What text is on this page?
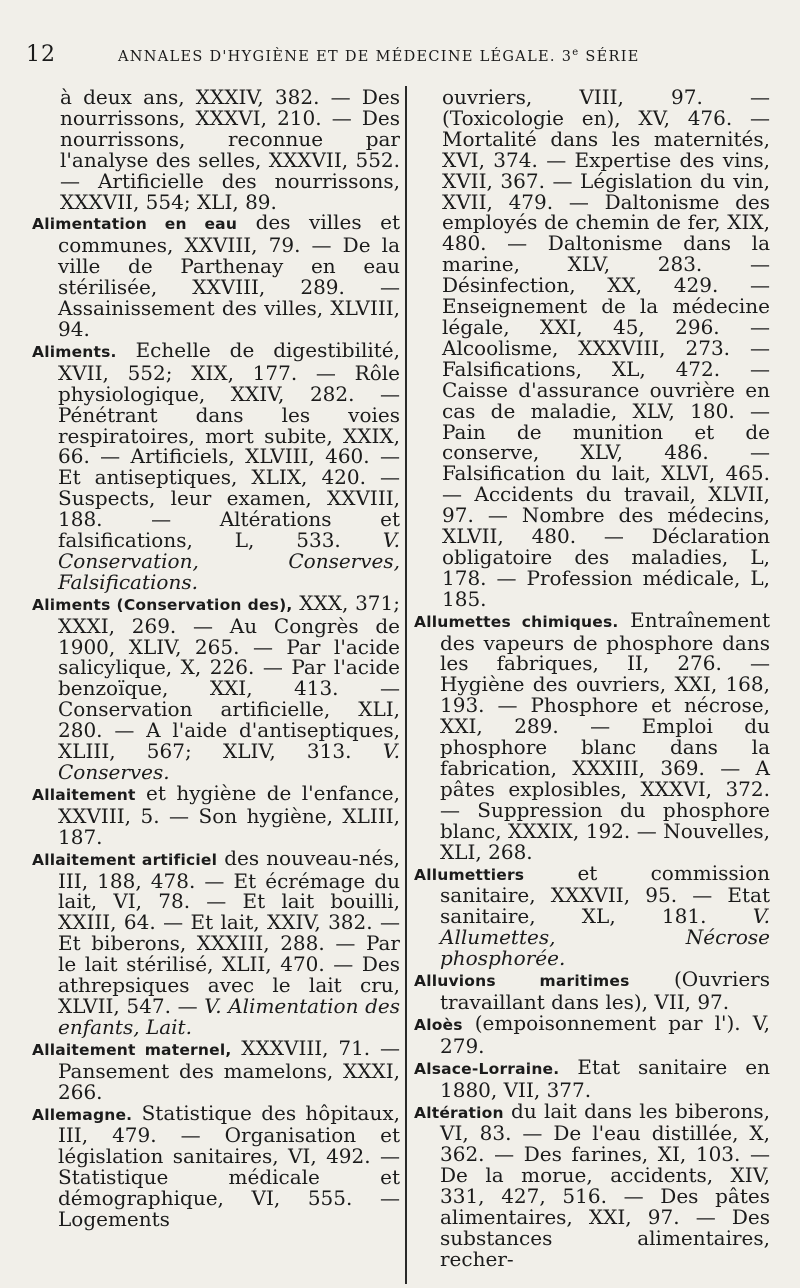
12	ANNALES D'HYGIÈNE ET DE MÉDECINE LÉGALE. 3e SÉRIE
à deux ans, XXXIV, 382. — Des nourrissons, XXXVI, 210. — Des nourrissons, reconnue par l'analyse des selles, XXXVII, 552. — Artificielle des nourrissons, XXXVII, 554; XLI, 89.
Alimentation en eau des villes et communes, XXVIII, 79. — De la ville de Parthenay en eau stérilisée, XXVIII, 289. — Assainissement des villes, XLVIII, 94.
Aliments. Echelle de digestibilité, XVII, 552; XIX, 177. — Rôle physiologique, XXIV, 282. — Pénétrant dans les voies respiratoires, mort subite, XXIX, 66. — Artificiels, XLVIII, 460. — Et antiseptiques, XLIX, 420. — Suspects, leur examen, XXVIII, 188. — Altérations et falsifications, L, 533. V. Conservation, Conserves, Falsifications.
Aliments (Conservation des), XXX, 371; XXXI, 269. — Au Congrès de 1900, XLIV, 265. — Par l'acide salicylique, X, 226. — Par l'acide benzoïque, XXI, 413. — Conservation artificielle, XLI, 280. — A l'aide d'antiseptiques, XLIII, 567; XLIV, 313. V. Conserves.
Allaitement et hygiène de l'enfance, XXVIII, 5. — Son hygiène, XLIII, 187.
Allaitement artificiel des nouveau-nés, III, 188, 478. — Et écrémage du lait, VI, 78. — Et lait bouilli, XXIII, 64. — Et lait, XXIV, 382. — Et biberons, XXXIII, 288. — Par le lait stérilisé, XLII, 470. — Des athrepsiques avec le lait cru, XLVII, 547. — V. Alimentation des enfants, Lait.
Allaitement maternel, XXXVIII, 71. — Pansement des mamelons, XXXI, 266.
Allemagne. Statistique des hôpitaux, III, 479. — Organisation et législation sanitaires, VI, 492. — Statistique médicale et démographique, VI, 555. — Logements
ouvriers, VIII, 97. — (Toxicologie en), XV, 476. — Mortalité dans les maternités, XVI, 374. — Expertise des vins, XVII, 367. — Législation du vin, XVII, 479. — Daltonisme des employés de chemin de fer, XIX, 480. — Daltonisme dans la marine, XLV, 283. — Désinfection, XX, 429. — Enseignement de la médecine légale, XXI, 45, 296. — Alcoolisme, XXXVIII, 273. — Falsifications, XL, 472. — Caisse d'assurance ouvrière en cas de maladie, XLV, 180. — Pain de munition et de conserve, XLV, 486. — Falsification du lait, XLVI, 465. — Accidents du travail, XLVII, 97. — Nombre des médecins, XLVII, 480. — Déclaration obligatoire des maladies, L, 178. — Profession médicale, L, 185.
Allumettes chimiques. Entraînement des vapeurs de phosphore dans les fabriques, II, 276. — Hygiène des ouvriers, XXI, 168, 193. — Phosphore et nécrose, XXI, 289. — Emploi du phosphore blanc dans la fabrication, XXXIII, 369. — A pâtes explosibles, XXXVI, 372. — Suppression du phosphore blanc, XXXIX, 192. — Nouvelles, XLI, 268.
Allumettiers et commission sanitaire, XXXVII, 95. — Etat sanitaire, XL, 181. V. Allumettes, Nécrose phosphorée.
Alluvions maritimes (Ouvriers travaillant dans les), VII, 97.
Aloès (empoisonnement par l'). V, 279.
Alsace-Lorraine. Etat sanitaire en 1880, VII, 377.
Altération du lait dans les biberons, VI, 83. — De l'eau distillée, X, 362. — Des farines, XI, 103. — De la morue, accidents, XIV, 331, 427, 516. — Des pâtes alimentaires, XXI, 97. — Des substances alimentaires, recher-
